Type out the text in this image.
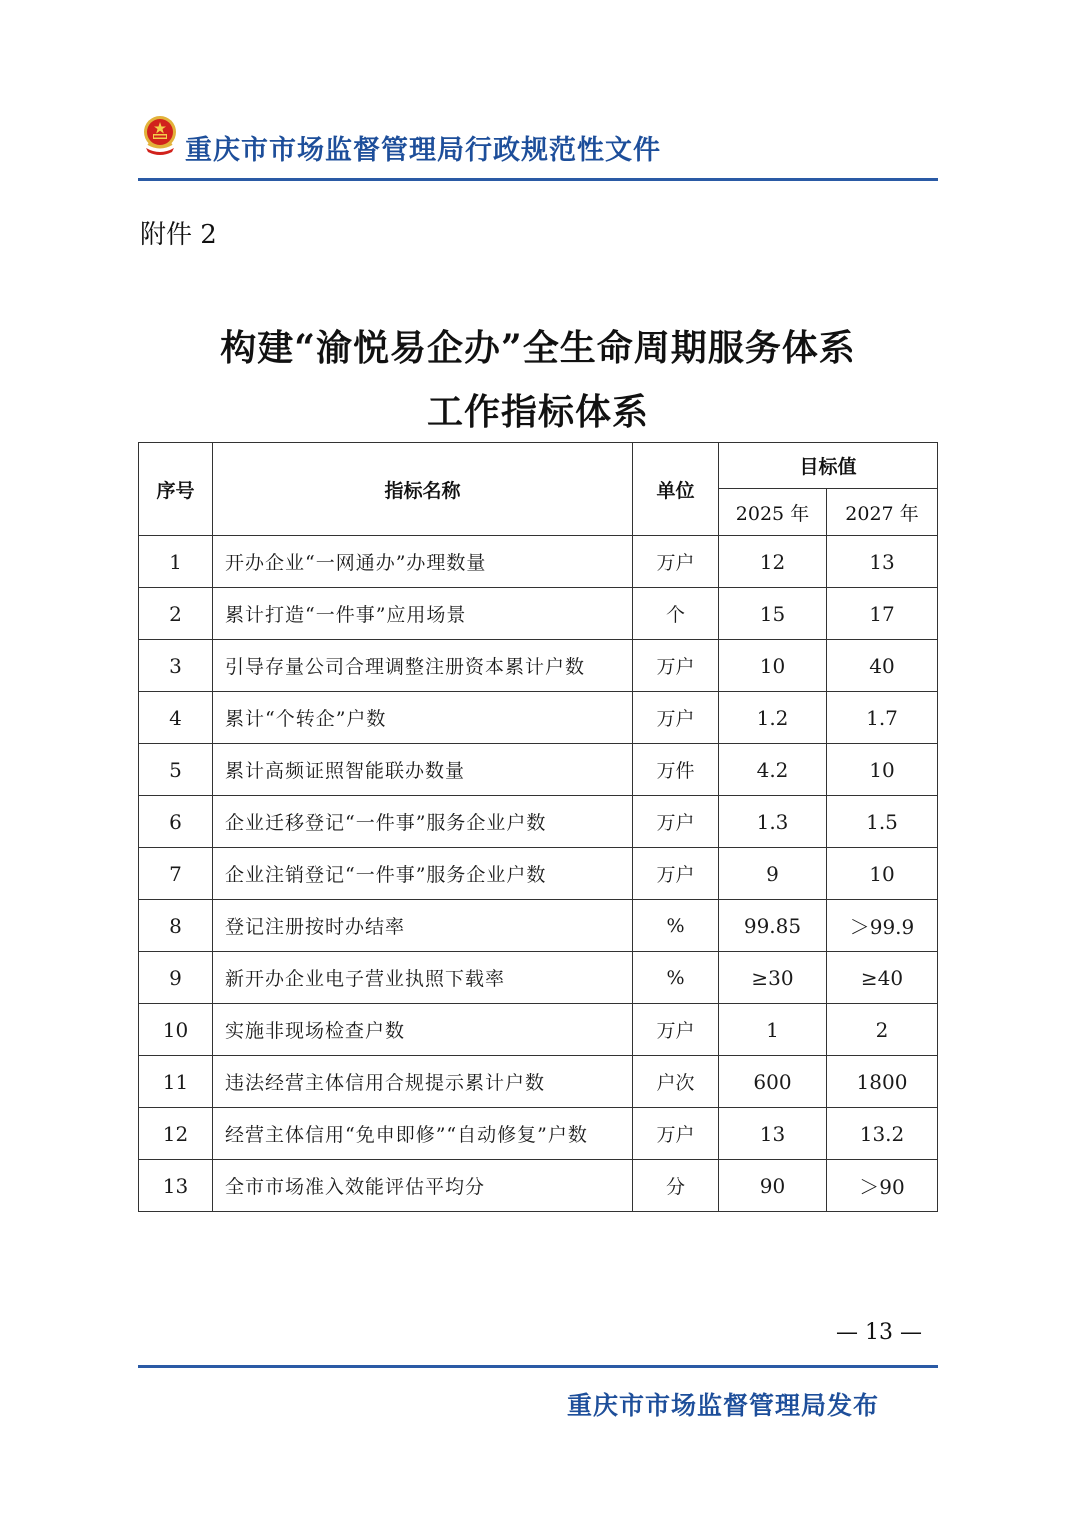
重庆市市场监督管理局行政规范性文件
附件 2
构建“渝悦易企办”全生命周期服务体系
工作指标体系
序号	指标名称	单位	目标值	
			2025 年	2027 年
1	开办企业“一网通办”办理数量	万户	12	13
2	累计打造“一件事”应用场景	个	15	17
3	引导存量公司合理调整注册资本累计户数	万户	10	40
4	累计“个转企”户数	万户	1.2	1.7
5	累计高频证照智能联办数量	万件	4.2	10
6	企业迁移登记“一件事”服务企业户数	万户	1.3	1.5
7	企业注销登记“一件事”服务企业户数	万户	9	10
8	登记注册按时办结率	%	99.85	＞99.9
9	新开办企业电子营业执照下载率	%	≥30	≥40
10	实施非现场检查户数	万户	1	2
11	违法经营主体信用合规提示累计户数	户次	600	1800
12	经营主体信用“免申即修”“自动修复”户数	万户	13	13.2
13	全市市场准入效能评估平均分	分	90	＞90
— 13 —
重庆市市场监督管理局发布
